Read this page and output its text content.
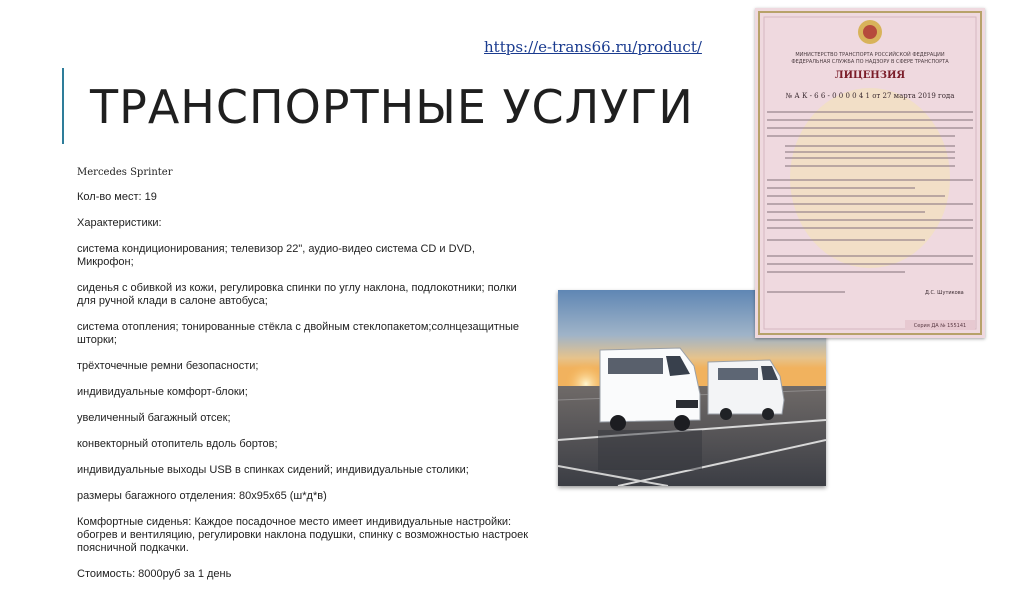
https://e-trans66.ru/product/
ТРАНСПОРТНЫЕ УСЛУГИ

Mercedes Sprinter

Кол-во мест: 19

Характеристики:

система кондиционирования; телевизор 22", аудио-видео система CD и DVD, Микрофон;

сиденья с обивкой из кожи, регулировка спинки по углу наклона, подлокотники; полки для ручной клади в салоне автобуса;

система отопления; тонированные стёкла с двойным стеклопакетом;солнцезащитные шторки;

трёхточечные ремни безопасности;

индивидуальные комфорт-блоки;

увеличенный багажный отсек;

конвекторный отопитель вдоль бортов;

индивидуальные выходы USB в спинках сидений; индивидуальные столики;

размеры багажного отделения: 80х95х65 (ш*д*в)

Комфортные сиденья: Каждое посадочное место имеет индивидуальные настройки: обогрев и вентиляцию, регулировки наклона подушки, спинку с возможностью настроек поясничной подкачки.

Стоимость: 8000руб за 1 день

МИНИСТЕРСТВО ТРАНСПОРТА РОССИЙСКОЙ ФЕДЕРАЦИИ
ФЕДЕРАЛЬНАЯ СЛУЖБА ПО НАДЗОРУ В СФЕРЕ ТРАНСПОРТА
ЛИЦЕНЗИЯ
№ А К - 6 6 - 0 0 0 0 4 1 от 27 марта 2019 года
Д.С. Шутикова
Серия ДА № 155141
